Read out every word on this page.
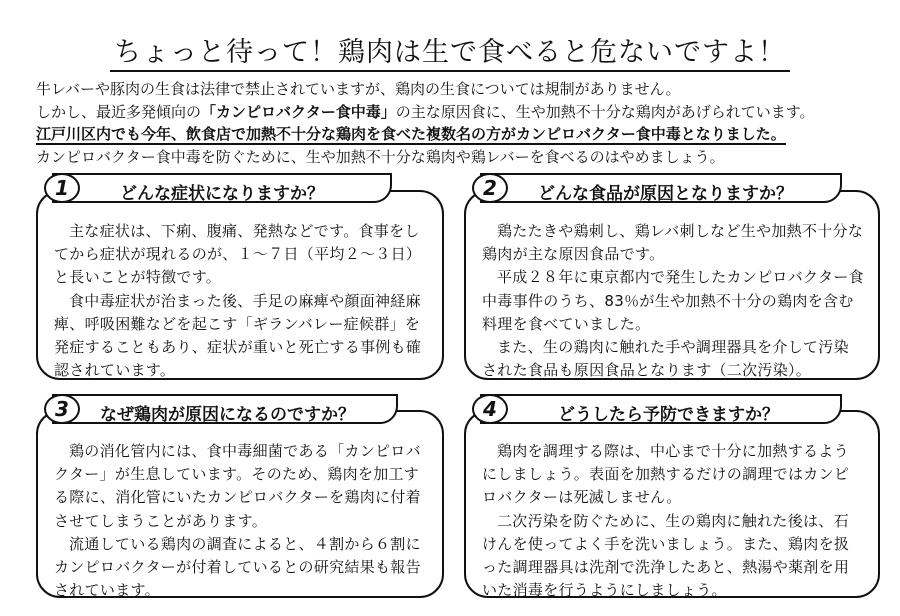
ちょっと待って！鶏肉は生で食べると危ないですよ！
牛レバーや豚肉の生食は法律で禁止されていますが、鶏肉の生食については規制がありません。
しかし、最近多発傾向の「カンピロバクター食中毒」の主な原因食に、生や加熱不十分な鶏肉があげられています。
江戸川区内でも今年、飲食店で加熱不十分な鶏肉を食べた複数名の方がカンピロバクター食中毒となりました。
カンピロバクター食中毒を防ぐために、生や加熱不十分な鶏肉や鶏レバーを食べるのはやめましょう。

主な症状は、下痢、腹痛、発熱などです。食事をしてから症状が現れるのが、１～７日（平均２～３日）と長いことが特徴です。

食中毒症状が治まった後、手足の麻痺や顔面神経麻痺、呼吸困難などを起こす「ギランバレー症候群」を発症することもあり、症状が重いと死亡する事例も確認されています。

どんな症状になりますか？
1

鶏たたきや鶏刺し、鶏レバ刺しなど生や加熱不十分な鶏肉が主な原因食品です。

平成２８年に東京都内で発生したカンピロバクター食中毒事件のうち、83％が生や加熱不十分の鶏肉を含む料理を食べていました。

また、生の鶏肉に触れた手や調理器具を介して汚染された食品も原因食品となります（二次汚染）。

どんな食品が原因となりますか？
2

鶏の消化管内には、食中毒細菌である「カンピロバクター」が生息しています。そのため、鶏肉を加工する際に、消化管にいたカンピロバクターを鶏肉に付着させてしまうことがあります。

流通している鶏肉の調査によると、４割から６割にカンピロバクターが付着しているとの研究結果も報告されています。

なぜ鶏肉が原因になるのですか？
3

鶏肉を調理する際は、中心まで十分に加熱するようにしましょう。表面を加熱するだけの調理ではカンピロバクターは死滅しません。

二次汚染を防ぐために、生の鶏肉に触れた後は、石けんを使ってよく手を洗いましょう。また、鶏肉を扱った調理器具は洗剤で洗浄したあと、熱湯や薬剤を用いた消毒を行うようにしましょう。

どうしたら予防できますか？
4
